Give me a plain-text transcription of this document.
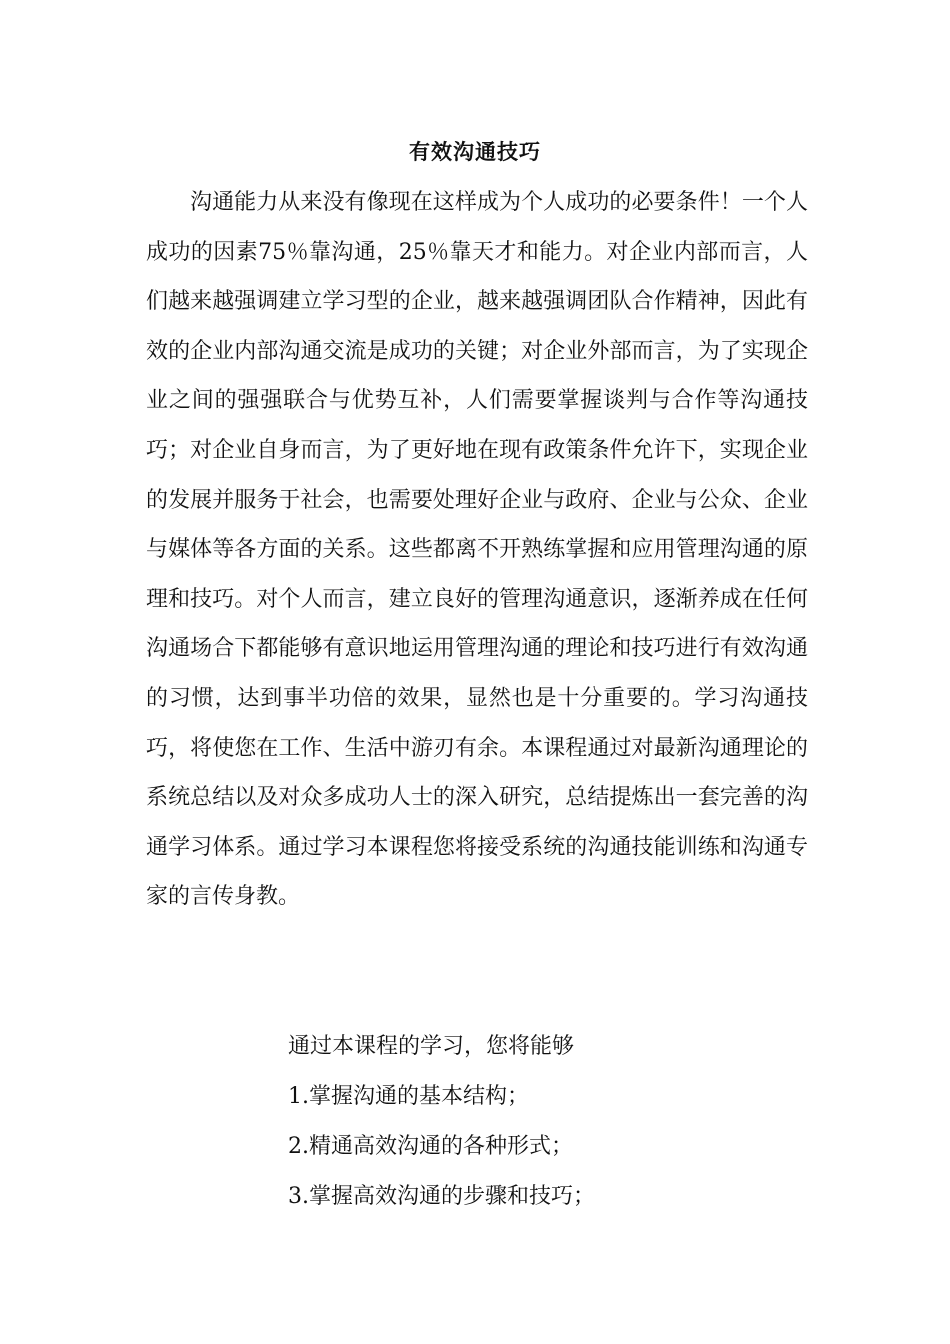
有效沟通技巧

沟通能力从来没有像现在这样成为个人成功的必要条件！一个人成功的因素75％靠沟通，25％靠天才和能力。对企业内部而言，人们越来越强调建立学习型的企业，越来越强调团队合作精神，因此有效的企业内部沟通交流是成功的关键；对企业外部而言，为了实现企业之间的强强联合与优势互补，人们需要掌握谈判与合作等沟通技巧；对企业自身而言，为了更好地在现有政策条件允许下，实现企业的发展并服务于社会，也需要处理好企业与政府、企业与公众、企业与媒体等各方面的关系。这些都离不开熟练掌握和应用管理沟通的原理和技巧。对个人而言，建立良好的管理沟通意识，逐渐养成在任何沟通场合下都能够有意识地运用管理沟通的理论和技巧进行有效沟通的习惯，达到事半功倍的效果，显然也是十分重要的。学习沟通技巧，将使您在工作、生活中游刃有余。本课程通过对最新沟通理论的系统总结以及对众多成功人士的深入研究，总结提炼出一套完善的沟通学习体系。通过学习本课程您将接受系统的沟通技能训练和沟通专家的言传身教。

通过本课程的学习，您将能够
1.掌握沟通的基本结构；
2.精通高效沟通的各种形式；
3.掌握高效沟通的步骤和技巧；
